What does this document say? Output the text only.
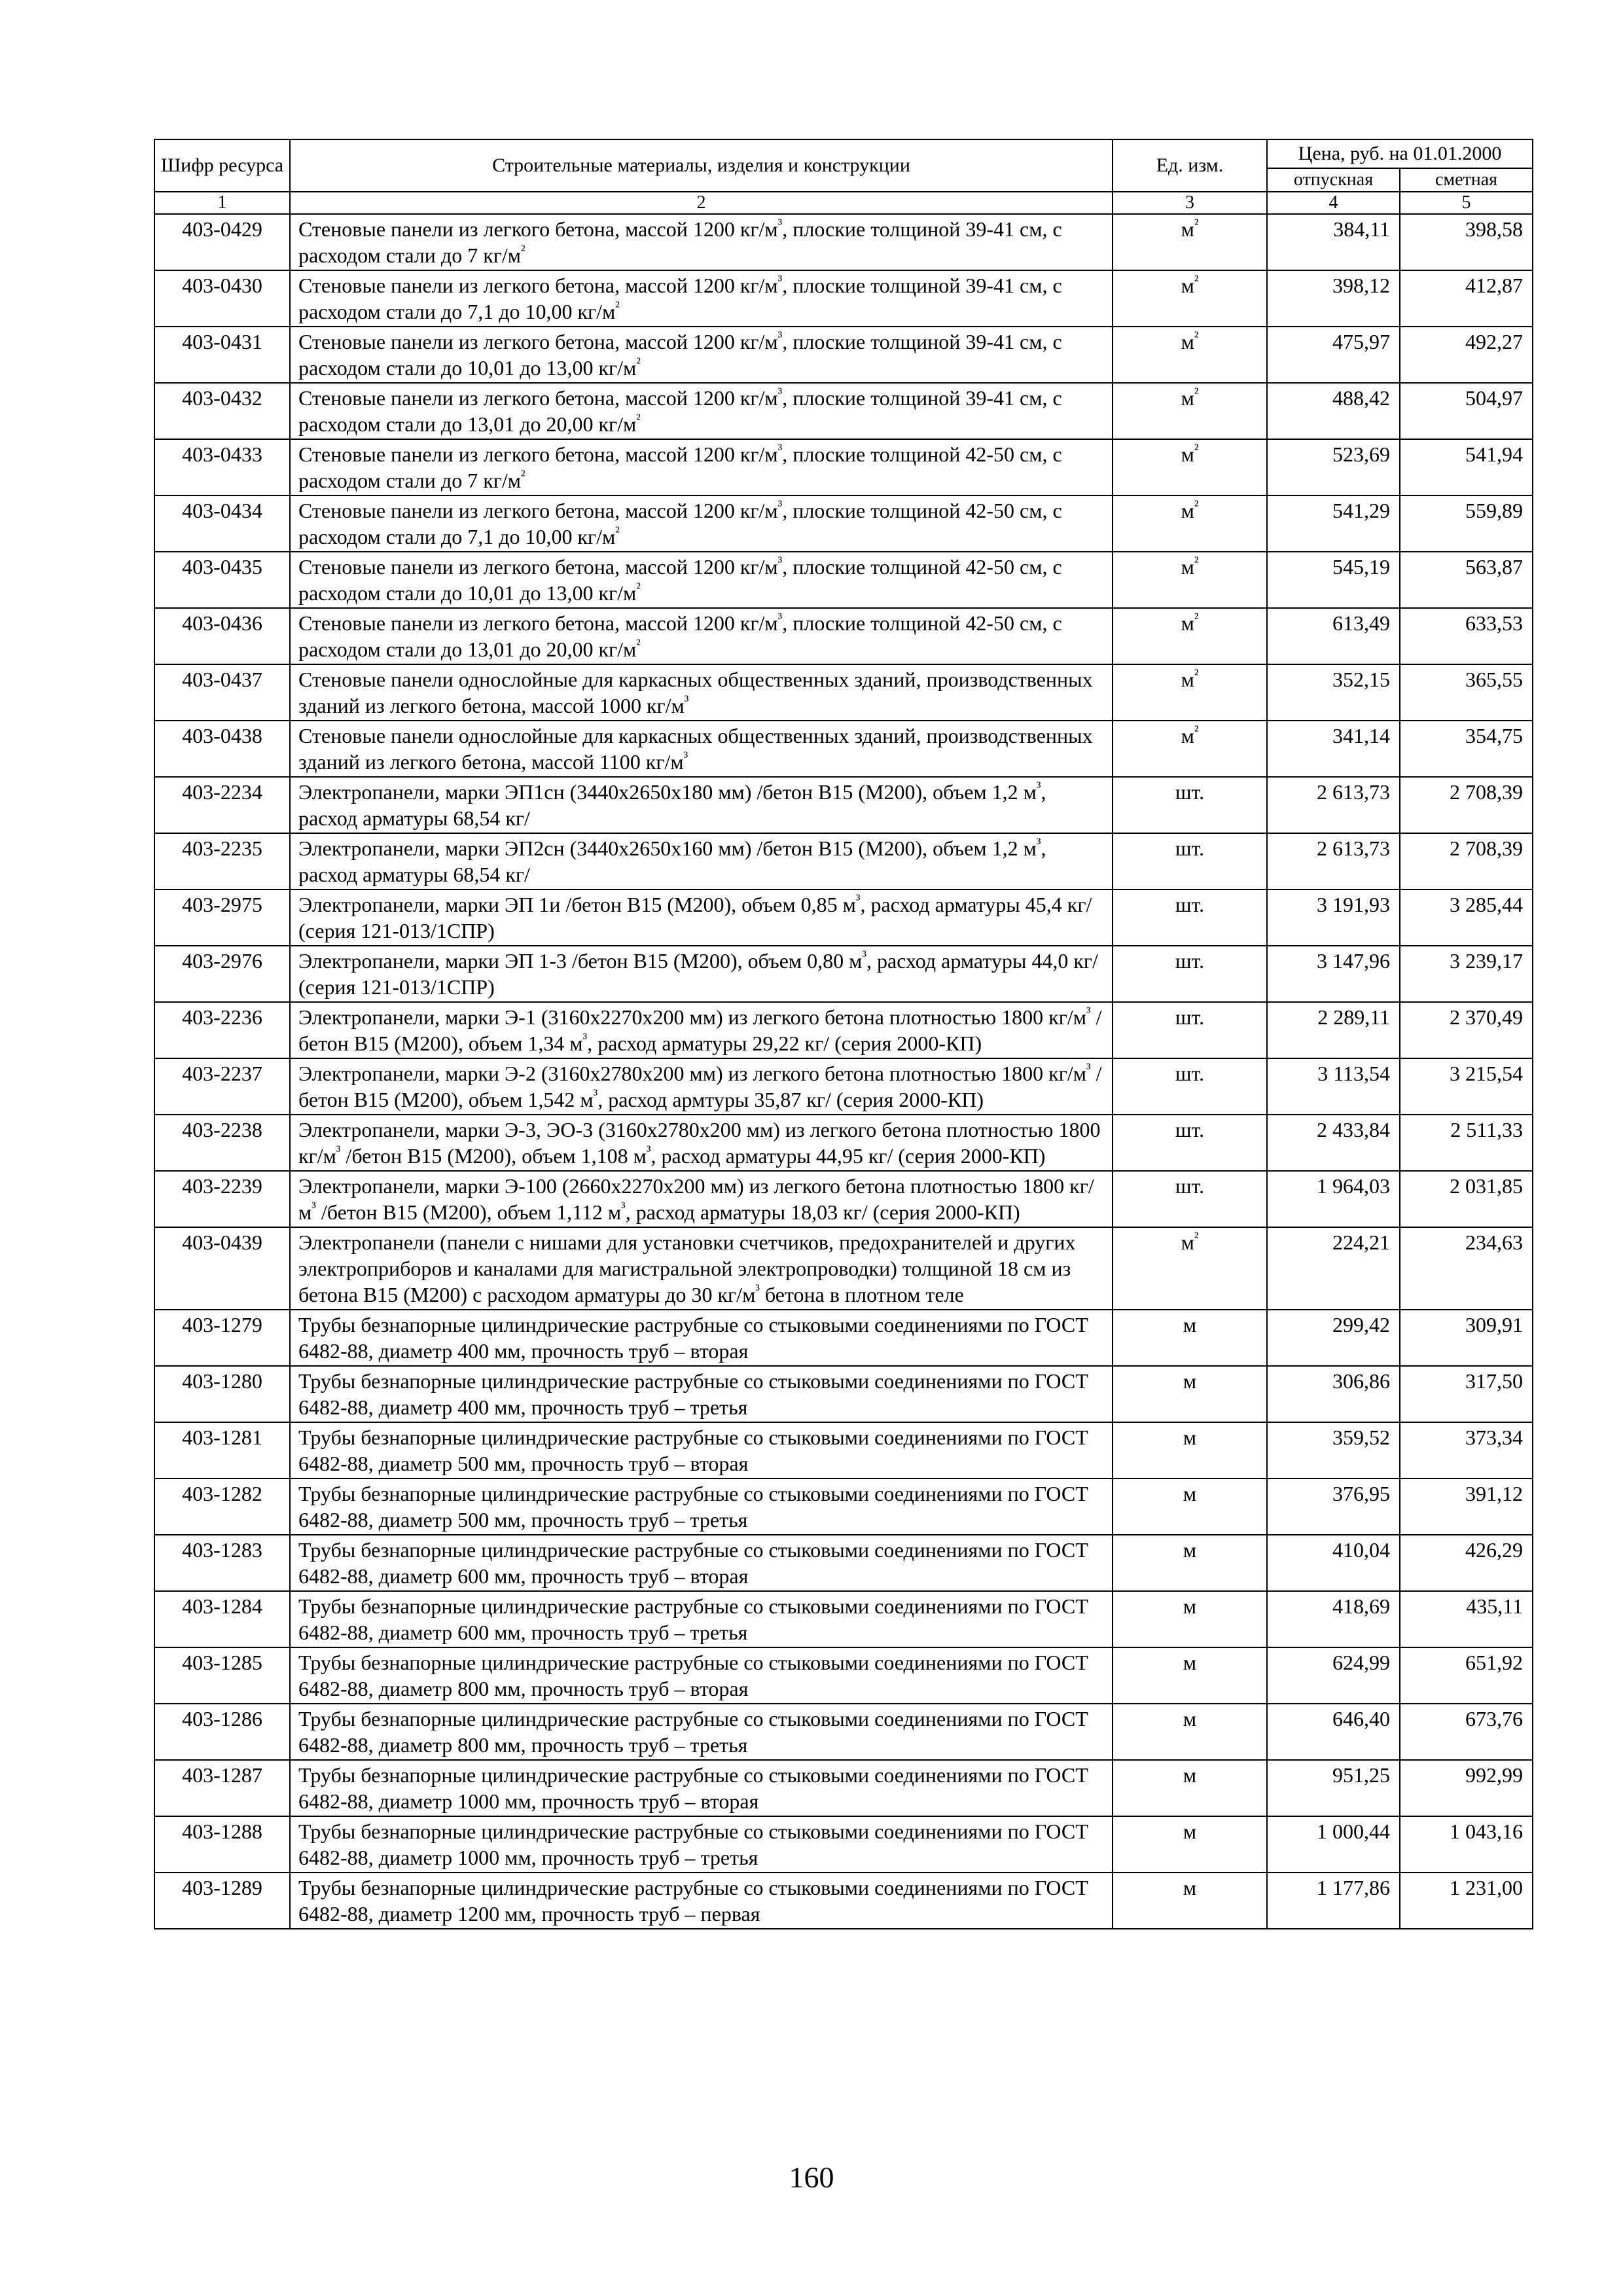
Шифр ресурса	Строительные материалы, изделия и конструкции	Ед. изм.	Цена, руб. на 01.01.2000	
			отпускная	сметная
1	2	3	4	5
403-0429	Стеновые панели из легкого бетона, массой 1200 $кг/м^{^3}$, плоские толщиной 39-41 см, с расходом стали до 7 $кг/м^{^2}$	$м^{^2}$	384,11	398,58
403-0430	Стеновые панели из легкого бетона, массой 1200 $кг/м^{^3}$, плоские толщиной 39-41 см, с расходом стали до 7,1 до 10,00 $кг/м^{^2}$	$м^{^2}$	398,12	412,87
403-0431	Стеновые панели из легкого бетона, массой 1200 $кг/м^{^3}$, плоские толщиной 39-41 см, с расходом стали до 10,01 до 13,00 $кг/м^{^2}$	$м^{^2}$	475,97	492,27
403-0432	Стеновые панели из легкого бетона, массой 1200 $кг/м^{^3}$, плоские толщиной 39-41 см, с расходом стали до 13,01 до 20,00 $кг/м^{^2}$	$м^{^2}$	488,42	504,97
403-0433	Стеновые панели из легкого бетона, массой 1200 $кг/м^{^3}$, плоские толщиной 42-50 см, с расходом стали до 7 $кг/м^{^2}$	$м^{^2}$	523,69	541,94
403-0434	Стеновые панели из легкого бетона, массой 1200 $кг/м^{^3}$, плоские толщиной 42-50 см, с расходом стали до 7,1 до 10,00 $кг/м^{^2}$	$м^{^2}$	541,29	559,89
403-0435	Стеновые панели из легкого бетона, массой 1200 $кг/м^{^3}$, плоские толщиной 42-50 см, с расходом стали до 10,01 до 13,00 $кг/м^{^2}$	$м^{^2}$	545,19	563,87
403-0436	Стеновые панели из легкого бетона, массой 1200 $кг/м^{^3}$, плоские толщиной 42-50 см, с расходом стали до 13,01 до 20,00 $кг/м^{^2}$	$м^{^2}$	613,49	633,53
403-0437	Стеновые панели однослойные для каркасных общественных зданий, производственных зданий из легкого бетона, массой 1000 $кг/м^{^3}$	$м^{^2}$	352,15	365,55
403-0438	Стеновые панели однослойные для каркасных общественных зданий, производственных зданий из легкого бетона, массой 1100 $кг/м^{^3}$	$м^{^2}$	341,14	354,75
403-2234	Электропанели, марки ЭП1сн (3440х2650х180 мм) /бетон В15 (М200), объем 1,2 $м^{^3}$, расход арматуры 68,54 кг/	шт.	2 613,73	2 708,39
403-2235	Электропанели, марки ЭП2сн (3440х2650х160 мм) /бетон В15 (М200), объем 1,2 $м^{^3}$, расход арматуры 68,54 кг/	шт.	2 613,73	2 708,39
403-2975	Электропанели, марки ЭП 1и /бетон В15 (М200), объем 0,85 $м^{^3}$, расход арматуры 45,4 кг/ (серия 121-013/1СПР)	шт.	3 191,93	3 285,44
403-2976	Электропанели, марки ЭП 1-3 /бетон В15 (М200), объем 0,80 $м^{^3}$, расход арматуры 44,0 кг/ (серия 121-013/1СПР)	шт.	3 147,96	3 239,17
403-2236	Электропанели, марки Э-1 (3160х2270х200 мм) из легкого бетона плотностью 1800 $кг/м^{^3}$ /бетон В15 (М200), объем 1,34 $м^{^3}$, расход арматуры 29,22 кг/ (серия 2000-КП)	шт.	2 289,11	2 370,49
403-2237	Электропанели, марки Э-2 (3160х2780х200 мм) из легкого бетона плотностью 1800 $кг/м^{^3}$ /бетон В15 (М200), объем 1,542 $м^{^3}$, расход армтуры 35,87 кг/ (серия 2000-КП)	шт.	3 113,54	3 215,54
403-2238	Электропанели, марки Э-3, ЭО-3 (3160х2780х200 мм) из легкого бетона плотностью 1800 $кг/м^{^3}$ /бетон В15 (М200), объем 1,108 $м^{^3}$, расход арматуры 44,95 кг/ (серия 2000-КП)	шт.	2 433,84	2 511,33
403-2239	Электропанели, марки Э-100 (2660х2270х200 мм) из легкого бетона плотностью 1800 $кг/м^{^3}$ /бетон В15 (М200), объем 1,112 $м^{^3}$, расход арматуры 18,03 кг/ (серия 2000-КП)	шт.	1 964,03	2 031,85
403-0439	Электропанели (панели с нишами для установки счетчиков, предохранителей и других электроприборов и каналами для магистральной электропроводки) толщиной 18 см из бетона В15 (М200) с расходом арматуры до 30 $кг/м^{^3}$ бетона в плотном теле	$м^{^2}$	224,21	234,63
403-1279	Трубы безнапорные цилиндрические раструбные со стыковыми соединениями по ГОСТ 6482-88, диаметр 400 мм, прочность труб – вторая	м	299,42	309,91
403-1280	Трубы безнапорные цилиндрические раструбные со стыковыми соединениями по ГОСТ 6482-88, диаметр 400 мм, прочность труб – третья	м	306,86	317,50
403-1281	Трубы безнапорные цилиндрические раструбные со стыковыми соединениями по ГОСТ 6482-88, диаметр 500 мм, прочность труб – вторая	м	359,52	373,34
403-1282	Трубы безнапорные цилиндрические раструбные со стыковыми соединениями по ГОСТ 6482-88, диаметр 500 мм, прочность труб – третья	м	376,95	391,12
403-1283	Трубы безнапорные цилиндрические раструбные со стыковыми соединениями по ГОСТ 6482-88, диаметр 600 мм, прочность труб – вторая	м	410,04	426,29
403-1284	Трубы безнапорные цилиндрические раструбные со стыковыми соединениями по ГОСТ 6482-88, диаметр 600 мм, прочность труб – третья	м	418,69	435,11
403-1285	Трубы безнапорные цилиндрические раструбные со стыковыми соединениями по ГОСТ 6482-88, диаметр 800 мм, прочность труб – вторая	м	624,99	651,92
403-1286	Трубы безнапорные цилиндрические раструбные со стыковыми соединениями по ГОСТ 6482-88, диаметр 800 мм, прочность труб – третья	м	646,40	673,76
403-1287	Трубы безнапорные цилиндрические раструбные со стыковыми соединениями по ГОСТ 6482-88, диаметр 1000 мм, прочность труб – вторая	м	951,25	992,99
403-1288	Трубы безнапорные цилиндрические раструбные со стыковыми соединениями по ГОСТ 6482-88, диаметр 1000 мм, прочность труб – третья	м	1 000,44	1 043,16
403-1289	Трубы безнапорные цилиндрические раструбные со стыковыми соединениями по ГОСТ 6482-88, диаметр 1200 мм, прочность труб – первая	м	1 177,86	1 231,00
160
